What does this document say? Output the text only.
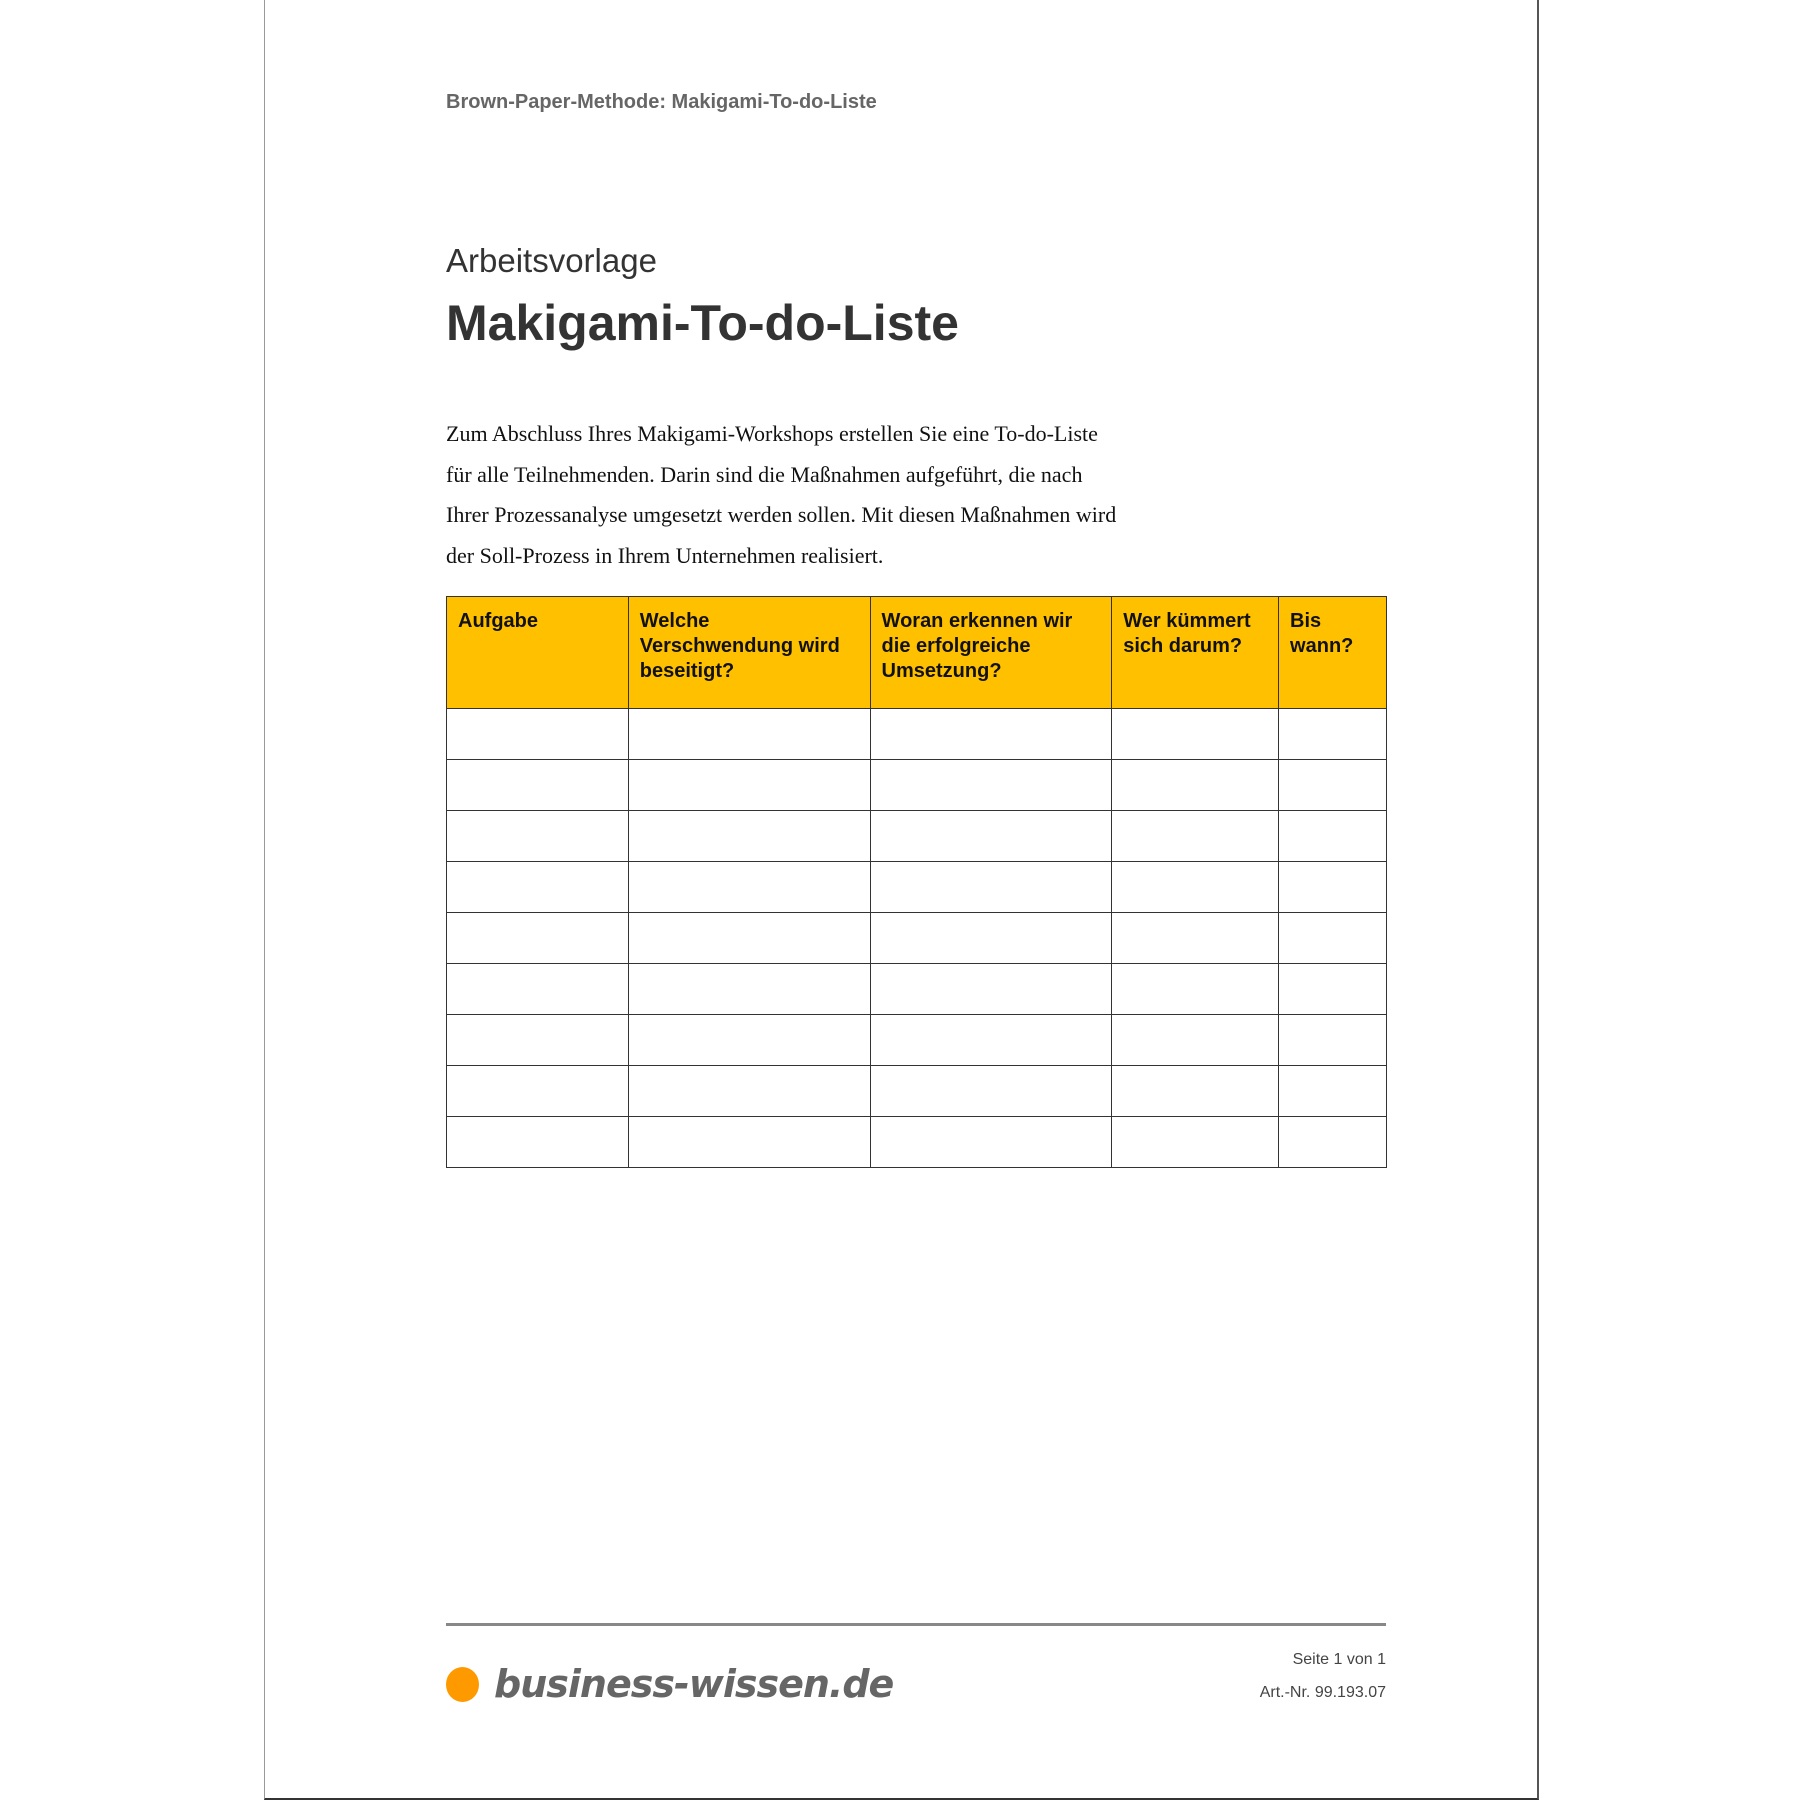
Brown-Paper-Methode: Makigami-To-do-Liste
Arbeitsvorlage
Makigami-To-do-Liste
Zum Abschluss Ihres Makigami-Workshops erstellen Sie eine To-do-Liste
für alle Teilnehmenden. Darin sind die Maßnahmen aufgeführt, die nach
Ihrer Prozessanalyse umgesetzt werden sollen. Mit diesen Maßnahmen wird
der Soll-Prozess in Ihrem Unternehmen realisiert.
Aufgabe	Welche Verschwendung wird beseitigt?	Woran erkennen wir die erfolgreiche Umsetzung?	Wer kümmert sich darum?	Bis wann?

business-wissen.de
Seite 1 von 1
Art.-Nr. 99.193.07
